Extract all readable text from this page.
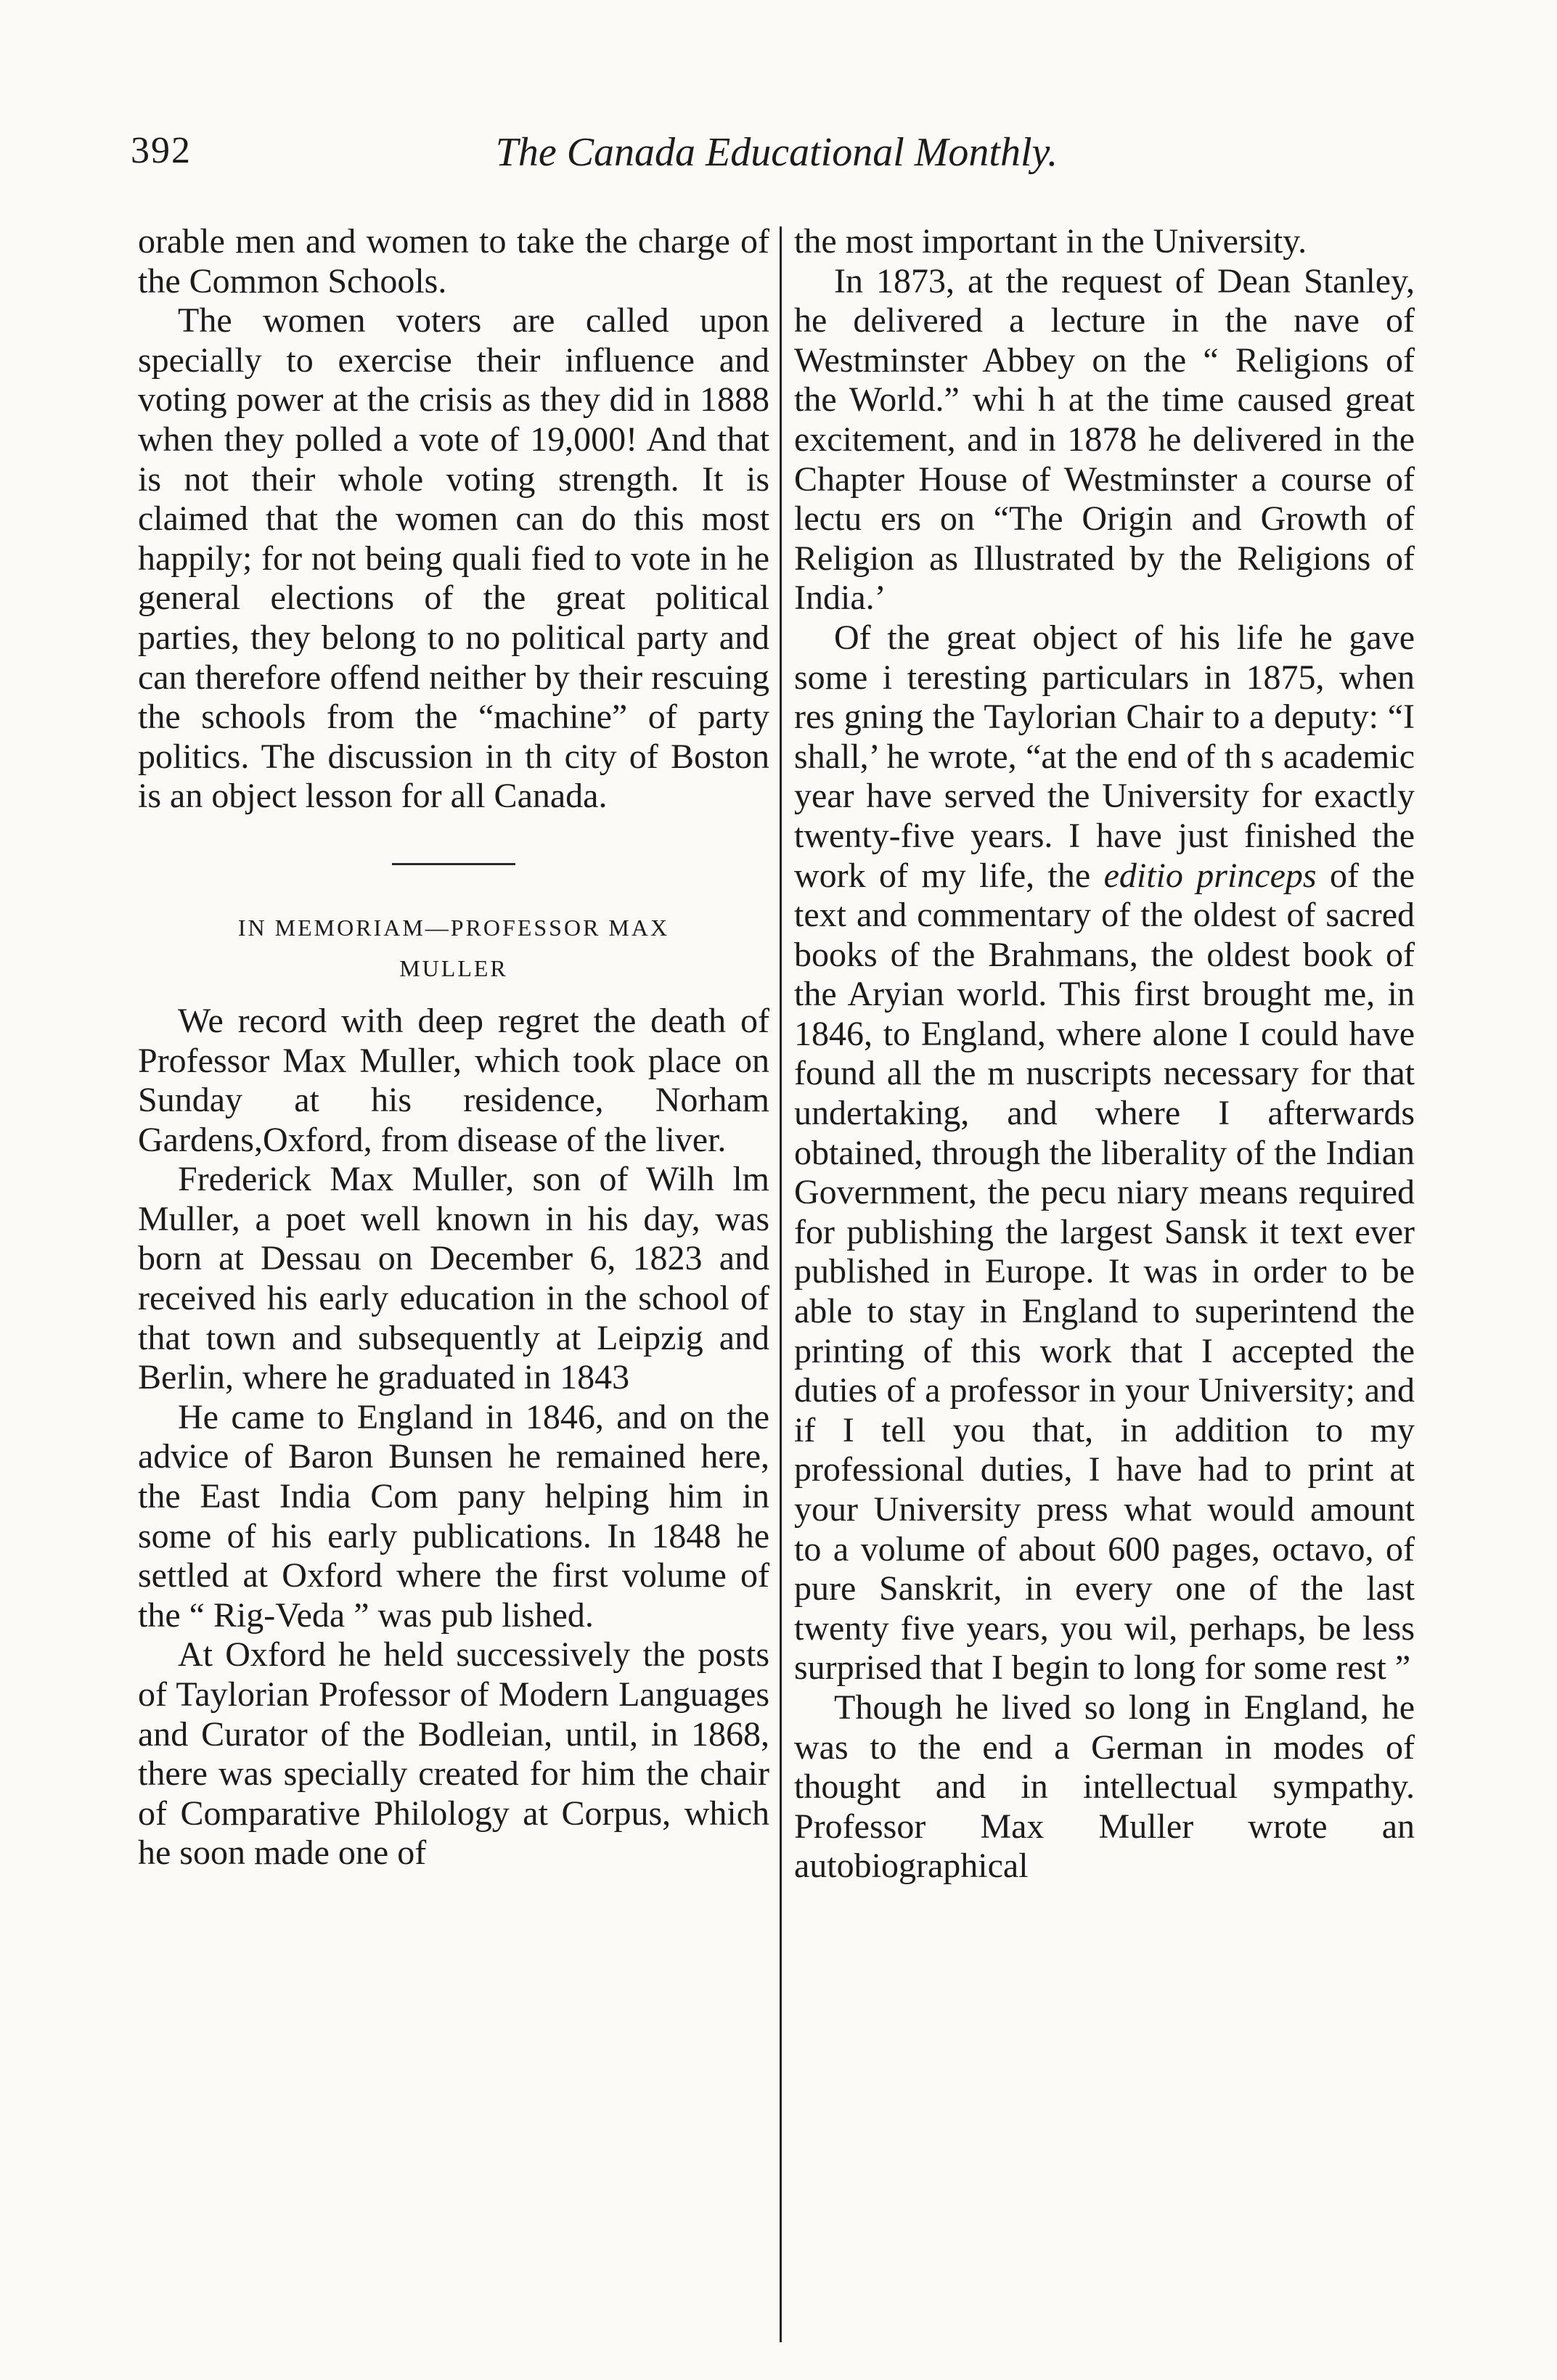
392	The Canada Educational Monthly.

orable men and women to take the charge of the Common Schools.

The women voters are called upon specially to exercise their influence and voting power at the crisis as they did in 1888 when they polled a vote of 19,000! And that is not their whole voting strength. It is claimed that the women can do this most happily; for not being quali fied to vote in he general elections of the great political parties, they belong to no political party and can therefore offend neither by their rescuing the schools from the “machine” of party politics. The discussion in th city of Boston is an object lesson for all Canada.

IN MEMORIAM—PROFESSOR MAX
MULLER

We record with deep regret the death of Professor Max Muller, which took place on Sunday at his residence, Norham Gardens,Oxford, from disease of the liver.

Frederick Max Muller, son of Wilh lm Muller, a poet well known in his day, was born at Dessau on December 6, 1823 and received his early education in the school of that town and subsequently at Leipzig and Berlin, where he graduated in 1843

He came to England in 1846, and on the advice of Baron Bunsen he remained here, the East India Com pany helping him in some of his early publications. In 1848 he settled at Oxford where the first volume of the “ Rig-Veda ” was pub lished.

At Oxford he held successively the posts of Taylorian Professor of Modern Languages and Curator of the Bodleian, until, in 1868, there was specially created for him the chair of Comparative Philology at Corpus, which he soon made one of

the most important in the University.

In 1873, at the request of Dean Stanley, he delivered a lecture in the nave of Westminster Abbey on the “ Religions of the World.” whi h at the time caused great excitement, and in 1878 he delivered in the Chapter House of Westminster a course of lectu ers on “The Origin and Growth of Religion as Illustrated by the Religions of India.’

Of the great object of his life he gave some i teresting particulars in 1875, when res gning the Taylorian Chair to a deputy: “I shall,’ he wrote, “at the end of th s academic year have served the University for exactly twenty-five years. I have just finished the work of my life, the editio princeps of the text and commentary of the oldest of sacred books of the Brahmans, the oldest book of the Aryian world. This first brought me, in 1846, to England, where alone I could have found all the m nuscripts necessary for that undertaking, and where I afterwards obtained, through the liberality of the Indian Government, the pecu niary means required for publishing the largest Sansk it text ever published in Europe. It was in order to be able to stay in England to superintend the printing of this work that I accepted the duties of a professor in your University; and if I tell you that, in addition to my professional duties, I have had to print at your University press what would amount to a volume of about 600 pages, octavo, of pure Sanskrit, in every one of the last twenty five years, you wil, perhaps, be less surprised that I begin to long for some rest ”

Though he lived so long in England, he was to the end a German in modes of thought and in intellectual sympathy. Professor Max Muller wrote an autobiographical
